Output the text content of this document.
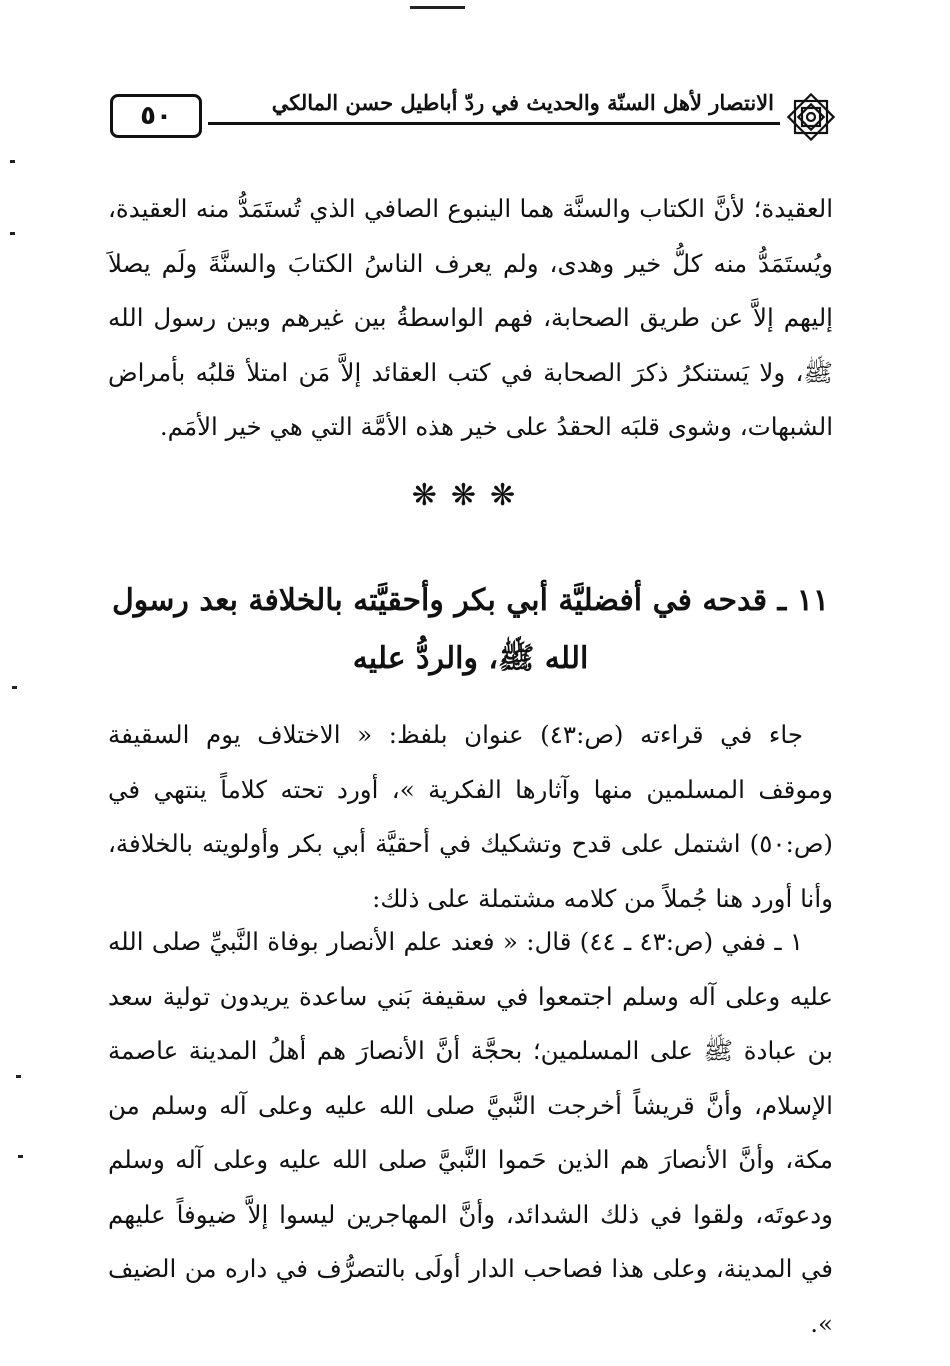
٥٠	الانتصار لأهل السنّة والحديث في ردّ أباطيل حسن المالكي

العقيدة؛ لأنَّ الكتاب والسنَّة هما الينبوع الصافي الذي تُستَمَدُّ منه العقيدة، ويُستَمَدُّ منه كلُّ خير وهدى، ولم يعرف الناسُ الكتابَ والسنَّةَ ولَم يصلاَ إليهم إلاَّ عن طريق الصحابة، فهم الواسطةُ بين غيرهم وبين رسول الله ﷺ، ولا يَستنكرُ ذكرَ الصحابة في كتب العقائد إلاَّ مَن امتلأ قلبُه بأمراض الشبهات، وشوى قلبَه الحقدُ على خير هذه الأمَّة التي هي خير الأمَم.

❋❋❋
١١ ـ قدحه في أفضليَّة أبي بكر وأحقيَّته بالخلافة بعد رسول الله ﷺ، والردُّ عليه

جاء في قراءته (ص:٤٣) عنوان بلفظ: « الاختلاف يوم السقيفة وموقف المسلمين منها وآثارها الفكرية »، أورد تحته كلاماً ينتهي في (ص:٥٠) اشتمل على قدح وتشكيك في أحقيَّة أبي بكر وأولويته بالخلافة، وأنا أورد هنا جُملاً من كلامه مشتملة على ذلك:

١ ـ ففي (ص:٤٣ ـ ٤٤) قال: « فعند علم الأنصار بوفاة النَّبيِّ صلى الله عليه وعلى آله وسلم اجتمعوا في سقيفة بَني ساعدة يريدون تولية سعد بن عبادة ﷺ على المسلمين؛ بحجَّة أنَّ الأنصارَ هم أهلُ المدينة عاصمة الإسلام، وأنَّ قريشاً أخرجت النَّبيَّ صلى الله عليه وعلى آله وسلم من مكة، وأنَّ الأنصارَ هم الذين حَموا النَّبيَّ صلى الله عليه وعلى آله وسلم ودعوتَه، ولقوا في ذلك الشدائد، وأنَّ المهاجرين ليسوا إلاَّ ضيوفاً عليهم في المدينة، وعلى هذا فصاحب الدار أولَى بالتصرُّف في داره من الضيف ».
